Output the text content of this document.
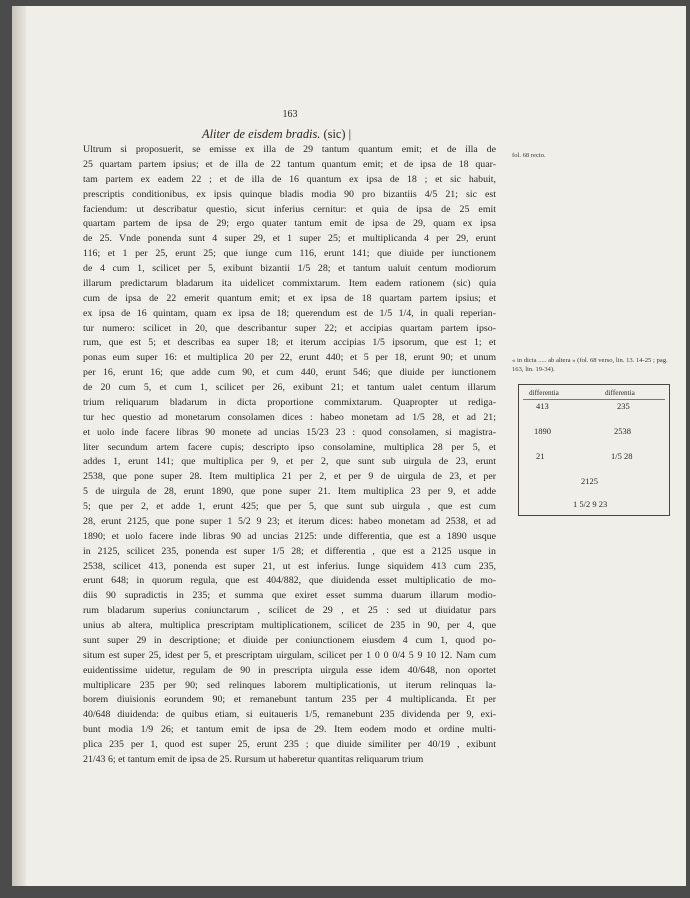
163
Aliter de eisdem bradis. (sic) |
Ultrum si proposuerit, se emisse ex illa de 29 tantum quantum emit; et de illa de
25 quartam partem ipsius; et de illa de 22 tantum quantum emit; et de ipsa de 18 quar-
tam partem ex eadem 22 ; et de illa de 16 quantum ex ipsa de 18 ; et sic habuit,
prescriptis conditionibus, ex ipsis quinque bladis modia 90 pro bizantiis 4/5 21; sic est
faciendum: ut describatur questio, sicut inferius cernitur: et quia de ipsa de 25 emit
quartam partem de ipsa de 29; ergo quater tantum emit de ipsa de 29, quam ex ipsa
de 25. Vnde ponenda sunt 4 super 29, et 1 super 25; et multiplicanda 4 per 29, erunt
116; et 1 per 25, erunt 25; que iunge cum 116, erunt 141; que diuide per iunctionem
de 4 cum 1, scilicet per 5, exibunt bizantii 1/5 28; et tantum ualuit centum modiorum
illarum predictarum bladarum ita uidelicet commixtarum. Item eadem rationem (sic) quia
cum de ipsa de 22 emerit quantum emit; et ex ipsa de 18 quartam partem ipsius; et
ex ipsa de 16 quintam, quam ex ipsa de 18; querendum est de 1/5 1/4, in quali reperian-
tur numero: scilicet in 20, que describantur super 22; et accipias quartam partem ipso-
rum, que est 5; et describas ea super 18; et iterum accipias 1/5 ipsorum, que est 1; et
ponas eum super 16: et multiplica 20 per 22, erunt 440; et 5 per 18, erunt 90; et unum
per 16, erunt 16; que adde cum 90, et cum 440, erunt 546; que diuide per iunctionem
de 20 cum 5, et cum 1, scilicet per 26, exibunt 21; et tantum ualet centum illarum
trium reliquarum bladarum in dicta proportione commixtarum. Quapropter ut rediga-
tur hec questio ad monetarum consolamen dices : habeo monetam ad 1/5 28, et ad 21;
et uolo inde facere libras 90 monete ad uncias 15/23 23 : quod consolamen, si magistra-
liter secundum artem facere cupis; descripto ipso consolamine, multiplica 28 per 5, et
addes 1, erunt 141; que multiplica per 9, et per 2, que sunt sub uirgula de 23, erunt
2538, que pone super 28. Item multiplica 21 per 2, et per 9 de uirgula de 23, et per
5 de uirgula de 28, erunt 1890, que pone super 21. Item multiplica 23 per 9, et adde
5; que per 2, et adde 1, erunt 425; que per 5, que sunt sub uirgula , que est cum
28, erunt 2125, que pone super 1 5/2 9 23; et iterum dices: habeo monetam ad 2538, et ad
1890; et uolo facere inde libras 90 ad uncias 2125: unde differentia, que est a 1890 usque
in 2125, scilicet 235, ponenda est super 1/5 28; et differentia , que est a 2125 usque in
2538, scilicet 413, ponenda est super 21, ut est inferius. Iunge siquidem 413 cum 235,
erunt 648; in quorum regula, que est 404/882, que diuidenda esset multiplicatio de mo-
diis 90 supradictis in 235; et summa que exiret esset summa duarum illarum modio-
rum bladarum superius coniunctarum , scilicet de 29 , et 25 : sed ut diuidatur pars
unius ab altera, multiplica prescriptam multiplicationem, scilicet de 235 in 90, per 4, que
sunt super 29 in descriptione; et diuide per coniunctionem eiusdem 4 cum 1, quod po-
situm est super 25, idest per 5, et prescriptam uirgulam, scilicet per 1 0 0 0/4 5 9 10 12. Nam cum
euidentissime uidetur, regulam de 90 in prescripta uirgula esse idem 40/648, non oportet
multiplicare 235 per 90; sed relinques laborem multiplicationis, ut iterum relinquas la-
borem diuisionis eorundem 90; et remanebunt tantum 235 per 4 multiplicanda. Et per
40/648 diuidenda: de quibus etiam, si euitaueris 1/5, remanebunt 235 dividenda per 9, exi-
bunt modia 1/9 26; et tantum emit de ipsa de 29. Item eodem modo et ordine multi-
plica 235 per 1, quod est super 25, erunt 235 ; que diuide similiter per 40/19 , exibunt
21/43 6; et tantum emit de ipsa de 25. Rursum ut haberetur quantitas reliquarum trium
fol. 68 recto.
« in dicta ..... ab altera » (fol. 68 verso, lin. 13. 14-25 ; pag. 163, lin. 19-34).
differentia	differentia
413	235
1890	2538
21	1/5 28
2125
1 5/2 9 23
